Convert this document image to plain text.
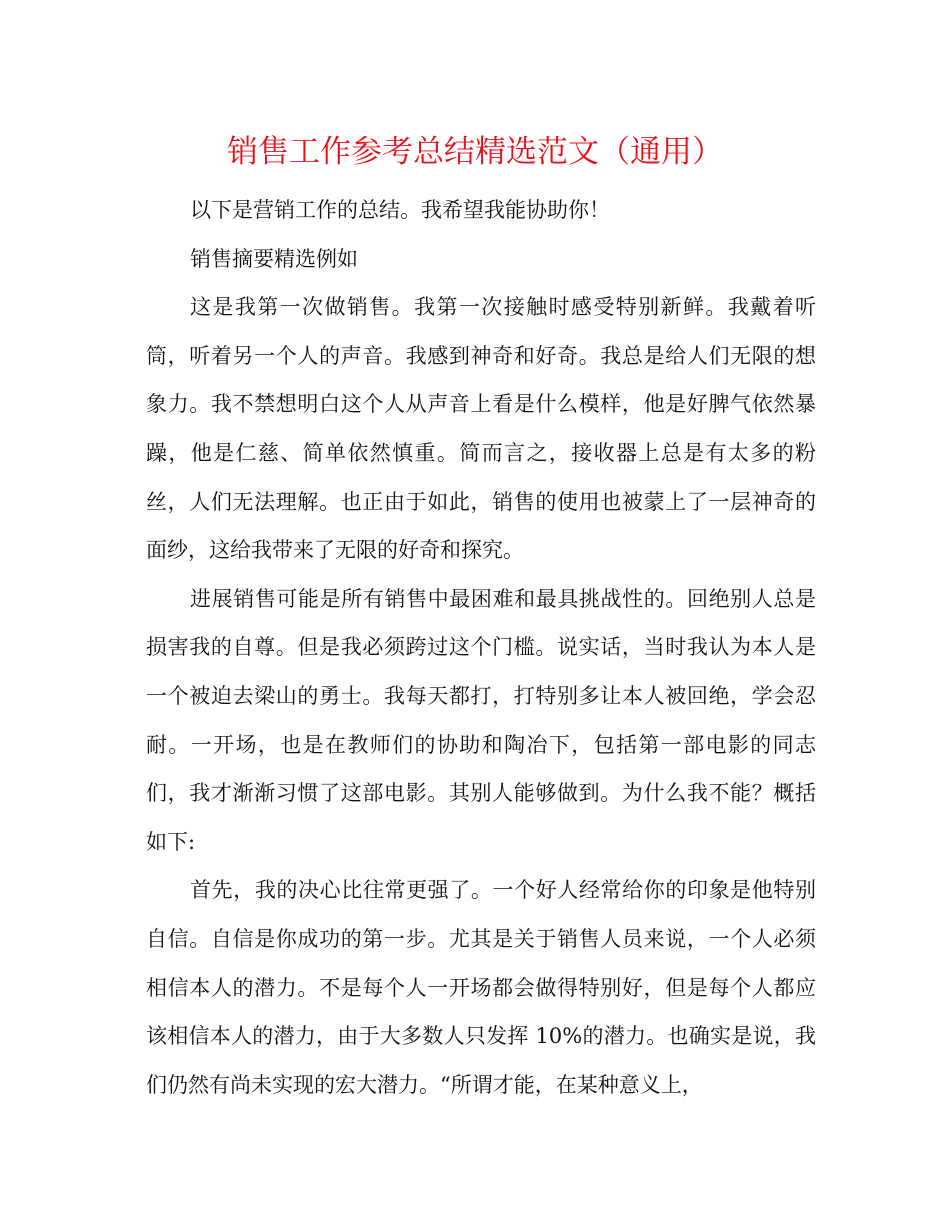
销售工作参考总结精选范文（通用）

以下是营销工作的总结。我希望我能协助你！

销售摘要精选例如

这是我第一次做销售。我第一次接触时感受特别新鲜。我戴着听筒，听着另一个人的声音。我感到神奇和好奇。我总是给人们无限的想象力。我不禁想明白这个人从声音上看是什么模样，他是好脾气依然暴躁，他是仁慈、简单依然慎重。简而言之，接收器上总是有太多的粉丝，人们无法理解。也正由于如此，销售的使用也被蒙上了一层神奇的面纱，这给我带来了无限的好奇和探究。

进展销售可能是所有销售中最困难和最具挑战性的。回绝别人总是损害我的自尊。但是我必须跨过这个门槛。说实话，当时我认为本人是一个被迫去梁山的勇士。我每天都打，打特别多让本人被回绝，学会忍耐。一开场，也是在教师们的协助和陶冶下，包括第一部电影的同志们，我才渐渐习惯了这部电影。其别人能够做到。为什么我不能？概括如下:

首先，我的决心比往常更强了。一个好人经常给你的印象是他特别自信。自信是你成功的第一步。尤其是关于销售人员来说，一个人必须相信本人的潜力。不是每个人一开场都会做得特别好，但是每个人都应该相信本人的潜力，由于大多数人只发挥 10%的潜力。也确实是说，我们仍然有尚未实现的宏大潜力。“所谓才能，在某种意义上，
